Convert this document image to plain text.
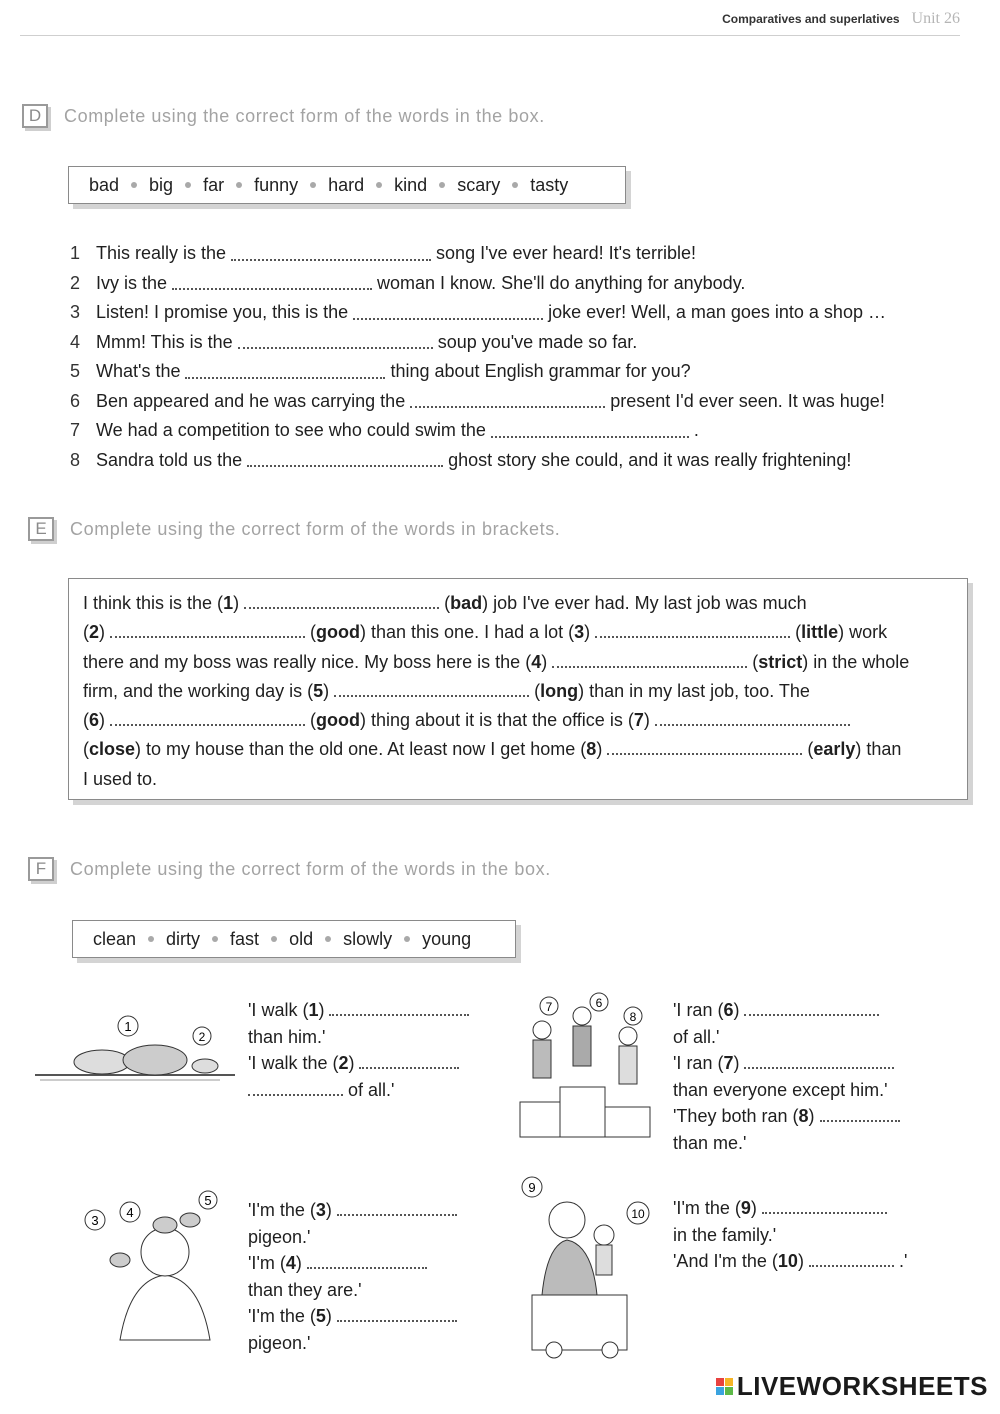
Comparatives and superlatives Unit 26
D	Complete using the correct form of the words in the box.
bad big far funny hard kind scary tasty
1 This really is the	song I've ever heard! It's terrible!
2 Ivy is the	woman I know. She'll do anything for anybody.
3 Listen! I promise you, this is the	joke ever! Well, a man goes into a shop …
4 Mmm! This is the	soup you've made so far.
5 What's the	thing about English grammar for you?
6 Ben appeared and he was carrying the	present I'd ever seen. It was huge!
7 We had a competition to see who could swim the	.
8 Sandra told us the	ghost story she could, and it was really frightening!
E	Complete using the correct form of the words in brackets.
I think this is the (1)	(bad) job I've ever had. My last job was much
(2)	(good) than this one. I had a lot (3)	(little) work
there and my boss was really nice. My boss here is the (4)	(strict) in the whole
firm, and the working day is (5)	(long) than in my last job, too. The
(6)	(good) thing about it is that the office is (7)
(close) to my house than the old one. At least now I get home (8)	(early) than
I used to.
F	Complete using the correct form of the words in the box.
clean dirty fast old slowly young
1
2
'I walk (1)
than him.'
'I walk the (2)
of all.'
7	6
8 'I ran (6)
of all.'
'I ran (7)
than everyone except him.'
'They both ran (8)
than me.'
3
4
5 'I'm the (3)
pigeon.'
'I'm (4)
than they are.'
'I'm the (5)
pigeon.'
9
10 'I'm the (9)
in the family.'
'And I'm the (10)	.'
LIVEWORKSHEETS
